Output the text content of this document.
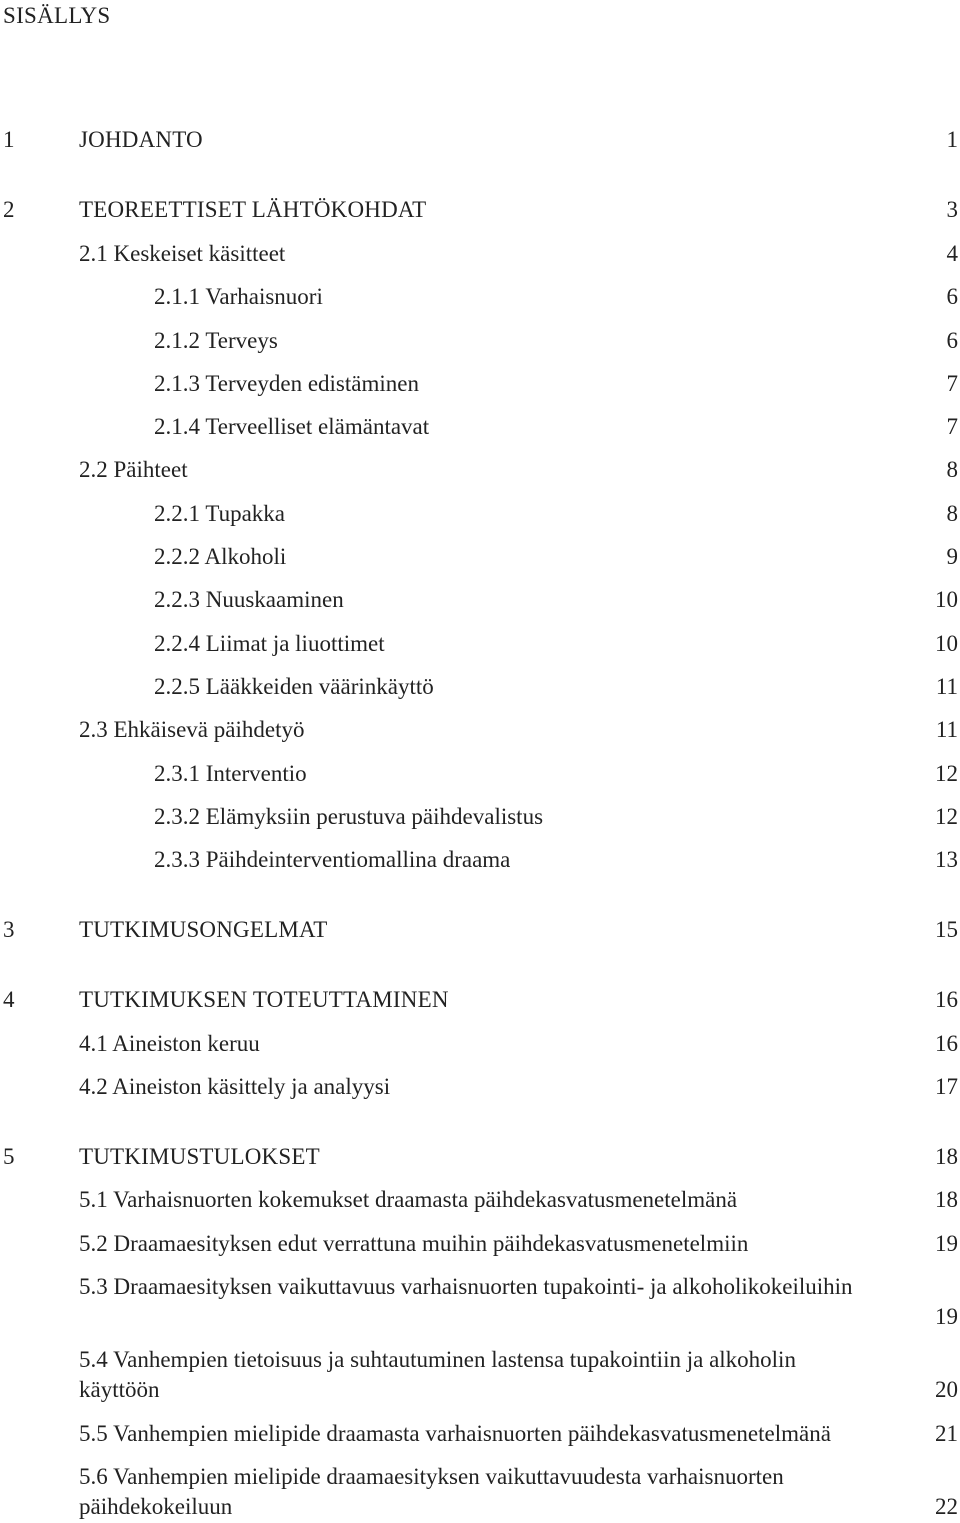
SISÄLLYS
1	JOHDANTO	1
2	TEOREETTISET LÄHTÖKOHDAT	3
2.1 Keskeiset käsitteet	4
2.1.1 Varhaisnuori	6
2.1.2 Terveys	6
2.1.3 Terveyden edistäminen	7
2.1.4 Terveelliset elämäntavat	7
2.2 Päihteet	8
2.2.1 Tupakka	8
2.2.2 Alkoholi	9
2.2.3 Nuuskaaminen	10
2.2.4 Liimat ja liuottimet	10
2.2.5 Lääkkeiden väärinkäyttö	11
2.3 Ehkäisevä päihdetyö	11
2.3.1 Interventio	12
2.3.2 Elämyksiin perustuva päihdevalistus	12
2.3.3 Päihdeinterventiomallina draama	13
3	TUTKIMUSONGELMAT	15
4	TUTKIMUKSEN TOTEUTTAMINEN	16
4.1 Aineiston keruu	16
4.2 Aineiston käsittely ja analyysi	17
5	TUTKIMUSTULOKSET	18
5.1 Varhaisnuorten kokemukset draamasta päihdekasvatusmenetelmänä	18
5.2 Draamaesityksen edut verrattuna muihin päihdekasvatusmenetelmiin	19
5.3 Draamaesityksen vaikuttavuus varhaisnuorten tupakointi- ja alkoholikokeiluihin
19
5.4 Vanhempien tietoisuus ja suhtautuminen lastensa tupakointiin ja alkoholin
käyttöön	20
5.5 Vanhempien mielipide draamasta varhaisnuorten päihdekasvatusmenetelmänä	21
5.6 Vanhempien mielipide draamaesityksen vaikuttavuudesta varhaisnuorten
päihdekokeiluun	22
